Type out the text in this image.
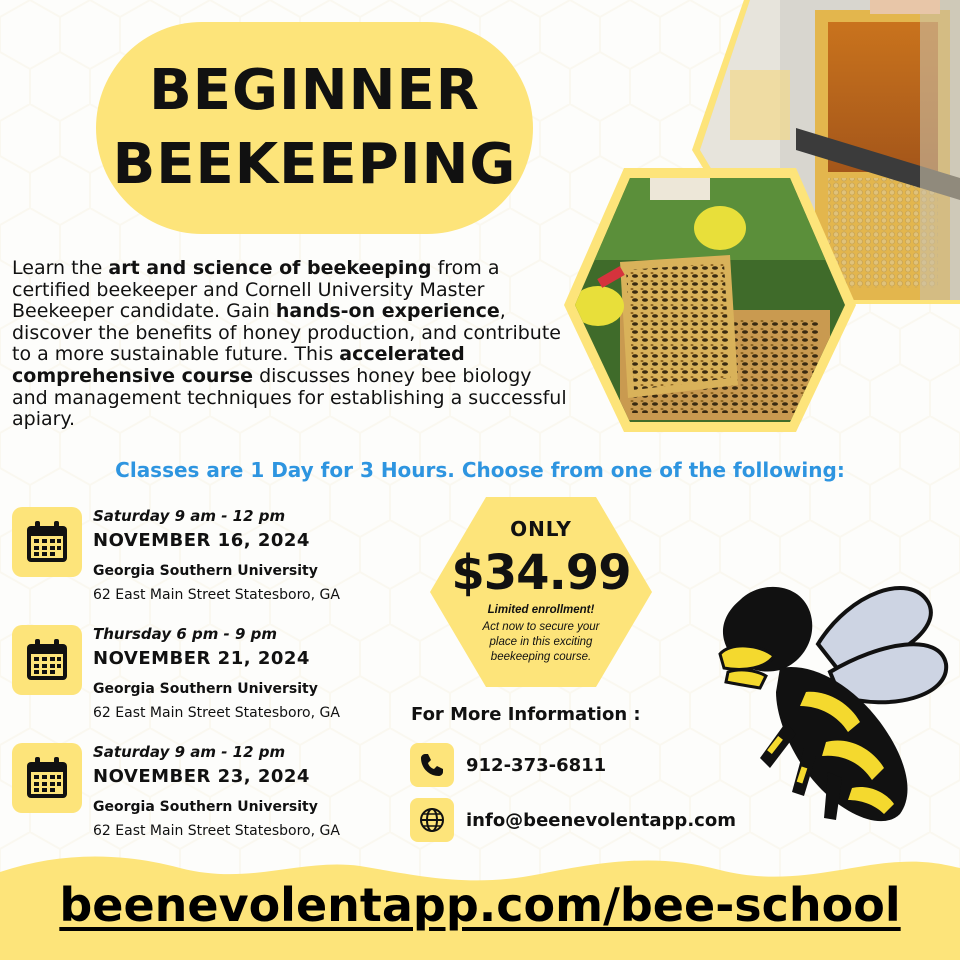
BEGINNER
BEEKEEPING

Learn the art and science of beekeeping from a certified beekeeper and Cornell University Master Beekeeper candidate. Gain hands-on experience, discover the benefits of honey production, and contribute to a more sustainable future. This accelerated comprehensive course discusses honey bee biology and management techniques for establishing a successful apiary.

Classes are 1 Day for 3 Hours. Choose from one of the following:
Saturday 9 am - 12 pm
NOVEMBER 16, 2024
Georgia Southern University
62 East Main Street Statesboro, GA
Thursday 6 pm - 9 pm
NOVEMBER 21, 2024
Georgia Southern University
62 East Main Street Statesboro, GA
Saturday 9 am - 12 pm
NOVEMBER 23, 2024
Georgia Southern University
62 East Main Street Statesboro, GA
ONLY
$34.99
Limited enrollment!
Act now to secure your place in this exciting beekeeping course.
For More Information :
912-373-6811
info@beenevolentapp.com
beenevolentapp.com/bee-school
